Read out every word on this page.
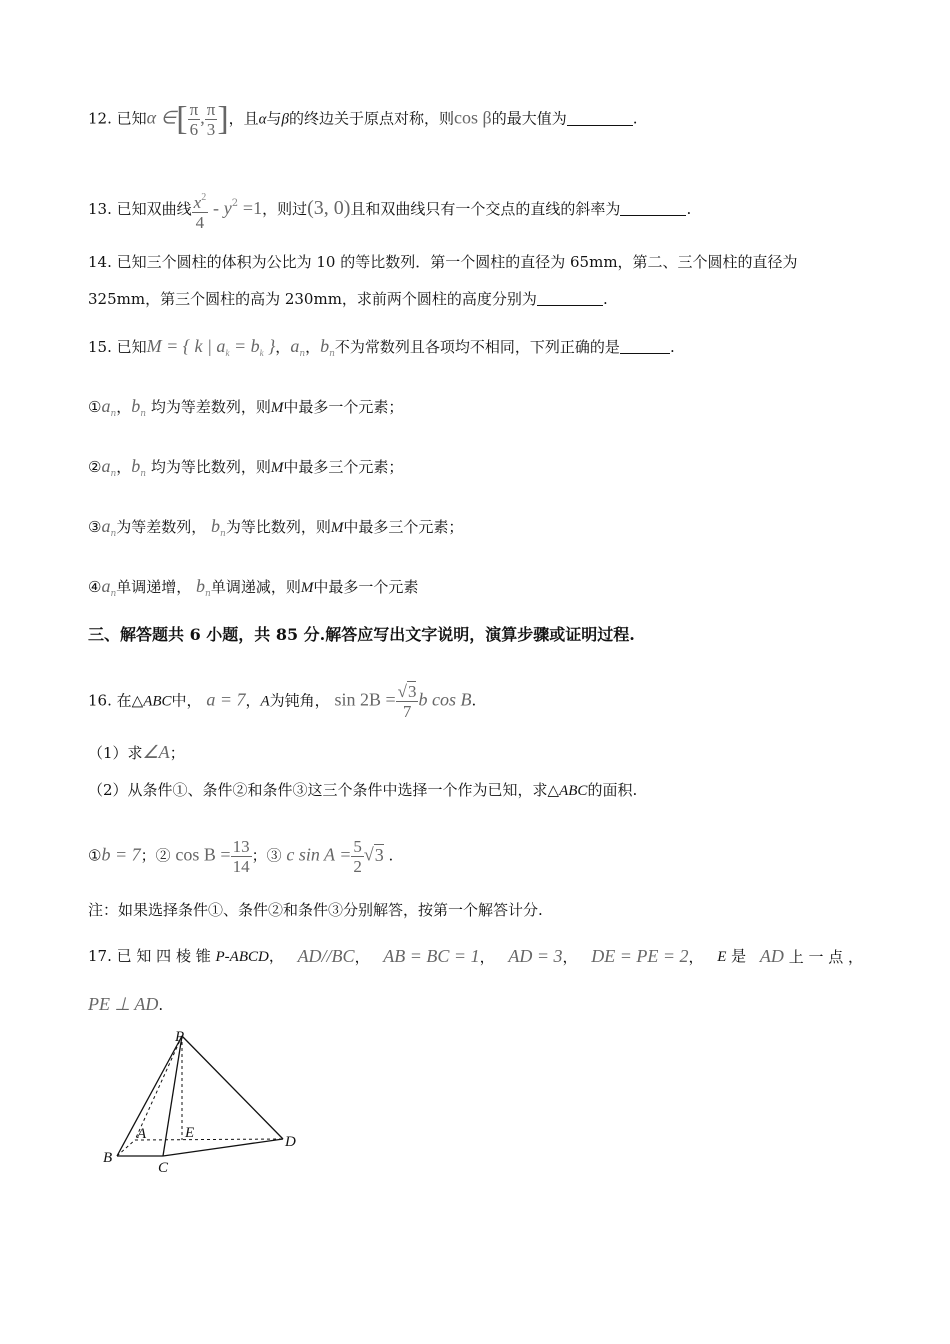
12. 已知α ∈[ $\frac{\pi}{6}$ , $\frac{\pi}{3}$ ]，且α与β的终边关于原点对称，则cos β的最大值为	.
13. 已知双曲线 $\frac{x^2}{4} - y^2 =1$，则过(3, 0)且和双曲线只有一个交点的直线的斜率为	.
14. 已知三个圆柱的体积为公比为 10 的等比数列．第一个圆柱的直径为 65mm，第二、三个圆柱的直径为
325mm，第三个圆柱的高为 230mm，求前两个圆柱的高度分别为	.
15. 已知M = { k | $a_k = b_k$ }，$a_n$，$b_n$不为常数列且各项均不相同，下列正确的是	.
$①a_n$，$b_n$ 均为等差数列，则M中最多一个元素；
$②a_n$，$b_n$ 均为等比数列，则M中最多三个元素；
$③a_n$为等差数列， $b_n$为等比数列，则M中最多三个元素；
$④a_n$单调递增， $b_n$单调递减，则M中最多一个元素
三、解答题共 6 小题，共 85 分.解答应写出文字说明，演算步骤或证明过程.
16. 在△ABC中， a = 7，A为钝角， $\sin 2B = \frac{√3}{7}$ b cos B.
（1）求∠A；
（2）从条件①、条件②和条件③这三个条件中选择一个作为已知，求△ABC的面积.
①b = 7；② $\cos B = \frac{13}{14}$ ；③ c $\sin A = \frac{5}{2} √3$ .
注：如果选择条件①、条件②和条件③分别解答，按第一个解答计分.
17. 已 知 四 棱 锥 P-ABCD， AD//BC， AB = BC = 1， AD = 3， DE = PE = 2， E 是 AD 上 一 点 ，
PE ⊥ AD.
P
A	E
B
C
D
